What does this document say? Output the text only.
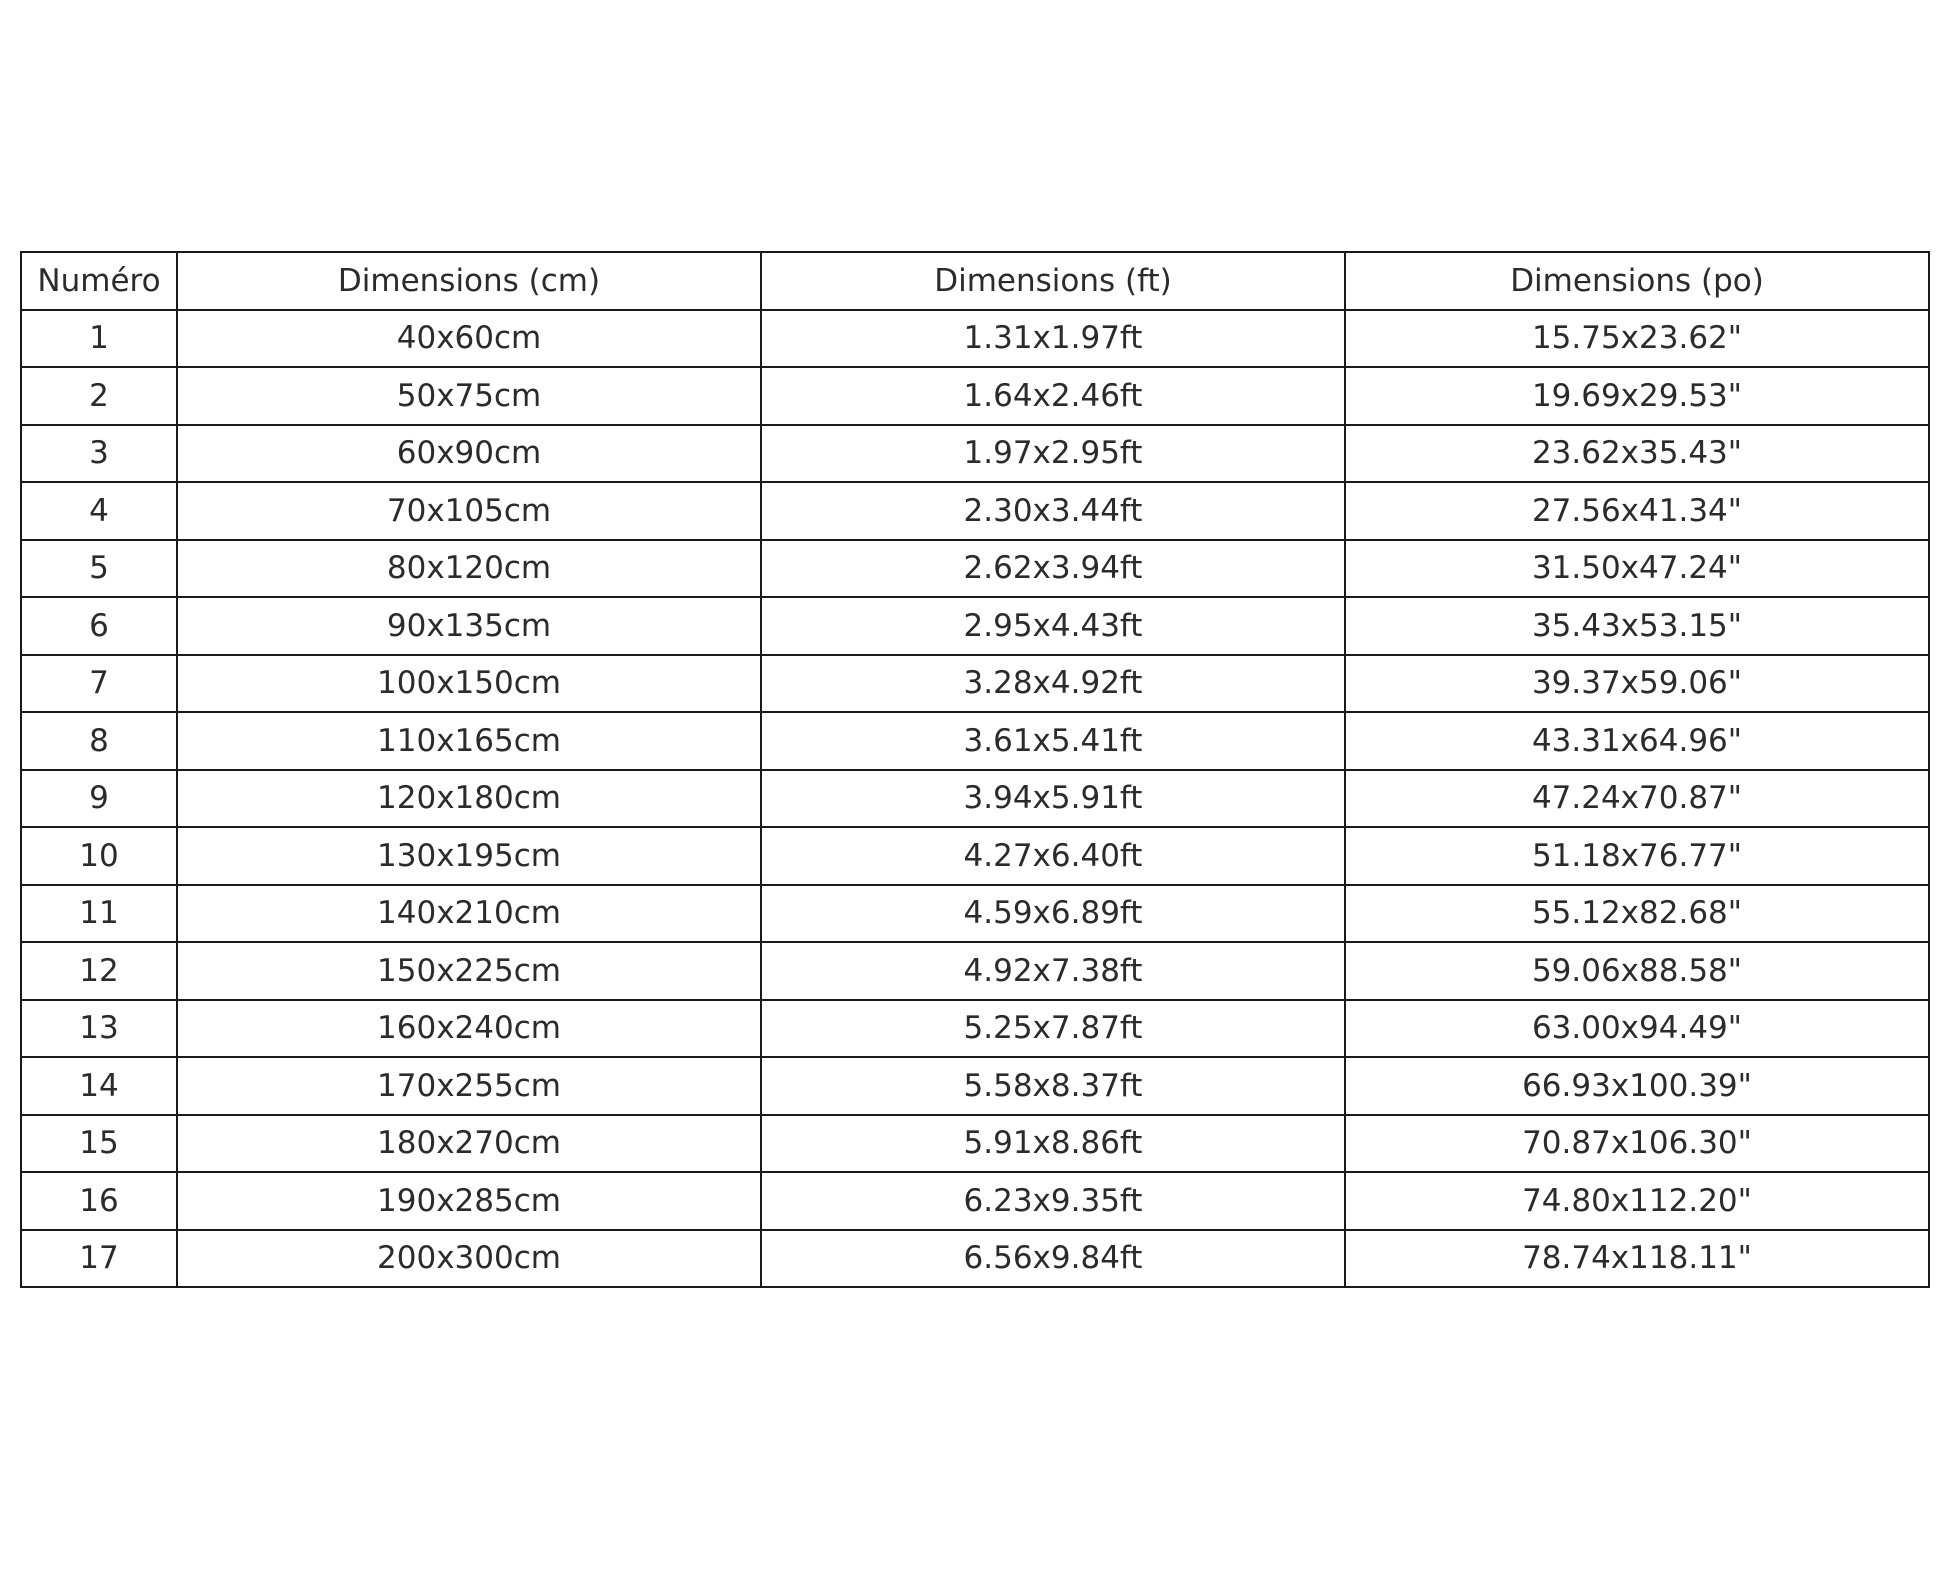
Numéro	Dimensions (cm)	Dimensions (ft)	Dimensions (po)
1	40x60cm	1.31x1.97ft	15.75x23.62"
2	50x75cm	1.64x2.46ft	19.69x29.53"
3	60x90cm	1.97x2.95ft	23.62x35.43"
4	70x105cm	2.30x3.44ft	27.56x41.34"
5	80x120cm	2.62x3.94ft	31.50x47.24"
6	90x135cm	2.95x4.43ft	35.43x53.15"
7	100x150cm	3.28x4.92ft	39.37x59.06"
8	110x165cm	3.61x5.41ft	43.31x64.96"
9	120x180cm	3.94x5.91ft	47.24x70.87"
10	130x195cm	4.27x6.40ft	51.18x76.77"
11	140x210cm	4.59x6.89ft	55.12x82.68"
12	150x225cm	4.92x7.38ft	59.06x88.58"
13	160x240cm	5.25x7.87ft	63.00x94.49"
14	170x255cm	5.58x8.37ft	66.93x100.39"
15	180x270cm	5.91x8.86ft	70.87x106.30"
16	190x285cm	6.23x9.35ft	74.80x112.20"
17	200x300cm	6.56x9.84ft	78.74x118.11"
